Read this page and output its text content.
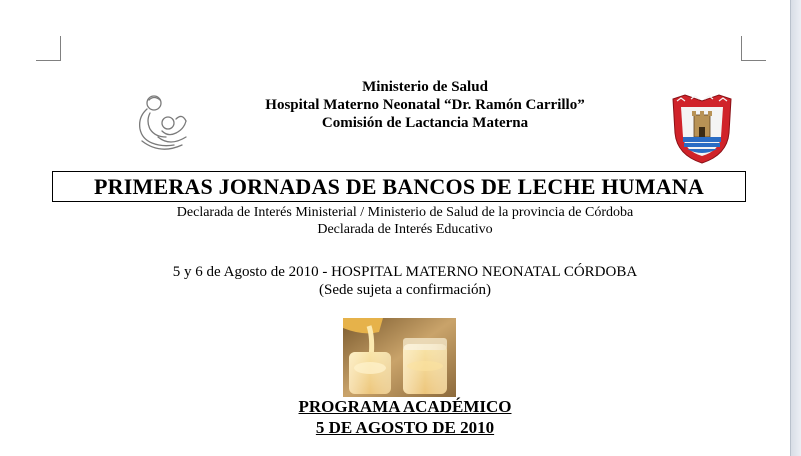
Ministerio de Salud
Hospital Materno Neonatal “Dr. Ramón Carrillo”
Comisión de Lactancia Materna
PRIMERAS JORNADAS DE BANCOS DE LECHE HUMANA
Declarada de Interés Ministerial / Ministerio de Salud de la provincia de Córdoba
Declarada de Interés Educativo
5 y 6 de Agosto de 2010 - HOSPITAL MATERNO NEONATAL CÓRDOBA
(Sede sujeta a confirmación)
PROGRAMA ACADÉMICO
5 DE AGOSTO DE 2010
